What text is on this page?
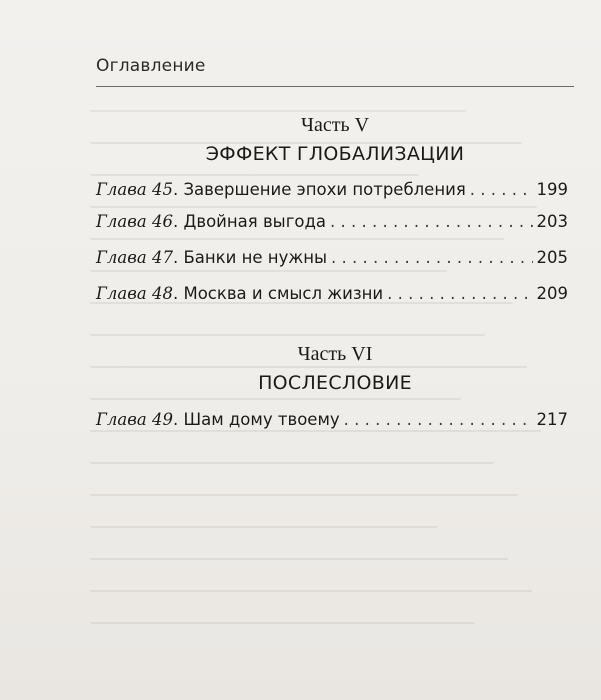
Оглавление
Часть V
ЭФФЕКТ ГЛОБАЛИЗАЦИИ
Глава 45 . Завершение эпохи потребления . . .	199
Глава 46 . Двойная выгода . . .	203
Глава 47 . Банки не нужны . . .	205
Глава 48 . Москва и смысл жизни . . .	209
Часть VI
ПОСЛЕСЛОВИЕ
Глава 49 . Шам дому твоему . . .	217
